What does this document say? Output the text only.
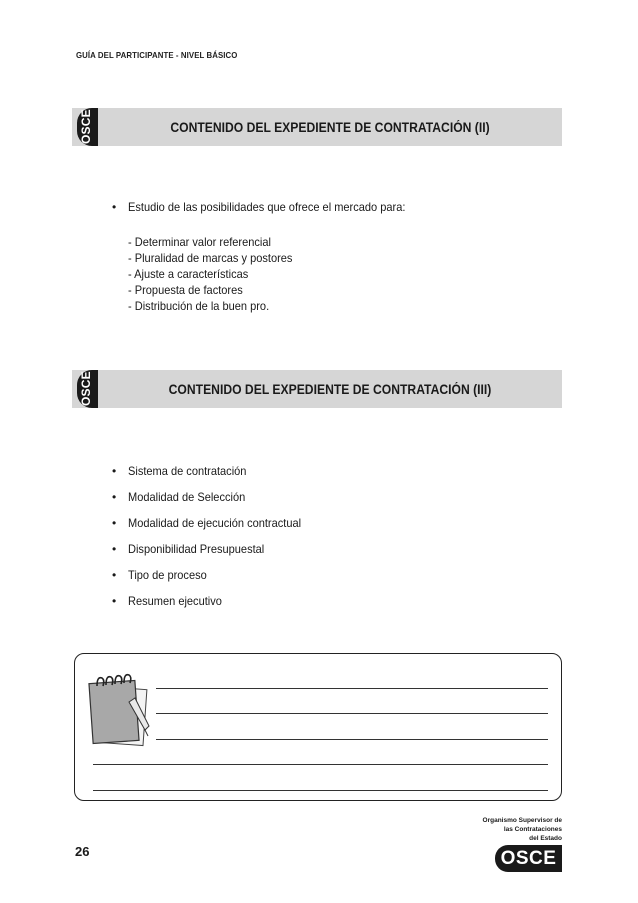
GUÍA DEL PARTICIPANTE - NIVEL BÁSICO
OSCE	CONTENIDO DEL EXPEDIENTE DE CONTRATACIÓN (II)
• Estudio de las posibilidades que ofrece el mercado para:
- Determinar valor referencial
- Pluralidad de marcas y postores
- Ajuste a características
- Propuesta de factores
- Distribución de la buen pro.
OSCE	CONTENIDO DEL EXPEDIENTE DE CONTRATACIÓN (III)
• Sistema de contratación
• Modalidad de Selección
• Modalidad de ejecución contractual
• Disponibilidad Presupuestal
• Tipo de proceso
• Resumen ejecutivo
26
Organismo Supervisor de
las Contrataciones
del Estado
OSCE
